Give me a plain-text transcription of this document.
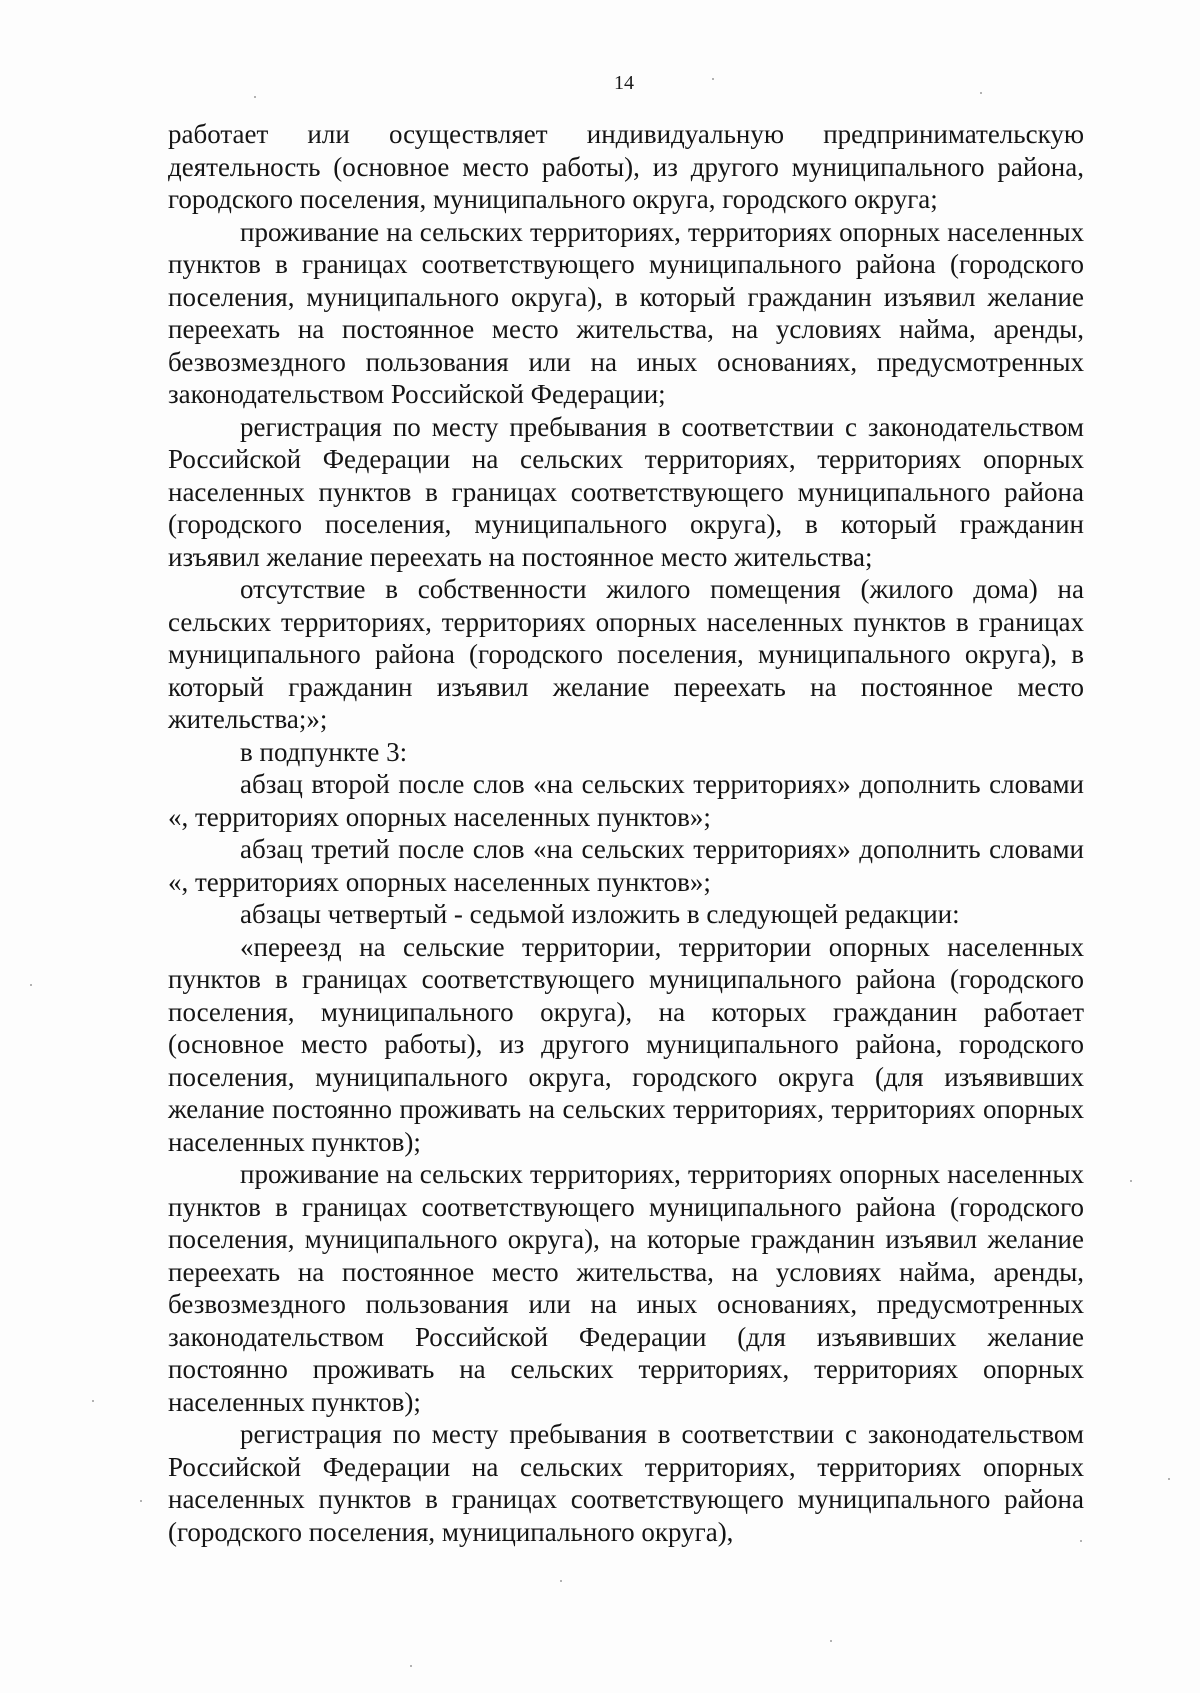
14

работает или осуществляет индивидуальную предпринимательскую деятельность (основное место работы), из другого муниципального района, городского поселения, муниципального округа, городского округа;

проживание на сельских территориях, территориях опорных населенных пунктов в границах соответствующего муниципального района (городского поселения, муниципального округа), в который гражданин изъявил желание переехать на постоянное место жительства, на условиях найма, аренды, безвозмездного пользования или на иных основаниях, предусмотренных законодательством Российской Федерации;

регистрация по месту пребывания в соответствии с законодательством Российской Федерации на сельских территориях, территориях опорных населенных пунктов в границах соответствующего муниципального района (городского поселения, муниципального округа), в который гражданин изъявил желание переехать на постоянное место жительства;

отсутствие в собственности жилого помещения (жилого дома) на сельских территориях, территориях опорных населенных пунктов в границах муниципального района (городского поселения, муниципального округа), в который гражданин изъявил желание переехать на постоянное место жительства;»;

в подпункте 3:

абзац второй после слов «на сельских территориях» дополнить словами «, территориях опорных населенных пунктов»;

абзац третий после слов «на сельских территориях» дополнить словами «, территориях опорных населенных пунктов»;

абзацы четвертый - седьмой изложить в следующей редакции:

«переезд на сельские территории, территории опорных населенных пунктов в границах соответствующего муниципального района (городского поселения, муниципального округа), на которых гражданин работает (основное место работы), из другого муниципального района, городского поселения, муниципального округа, городского округа (для изъявивших желание постоянно проживать на сельских территориях, территориях опорных населенных пунктов);

проживание на сельских территориях, территориях опорных населенных пунктов в границах соответствующего муниципального района (городского поселения, муниципального округа), на которые гражданин изъявил желание переехать на постоянное место жительства, на условиях найма, аренды, безвозмездного пользования или на иных основаниях, предусмотренных законодательством Российской Федерации (для изъявивших желание постоянно проживать на сельских территориях, территориях опорных населенных пунктов);

регистрация по месту пребывания в соответствии с законодательством Российской Федерации на сельских территориях, территориях опорных населенных пунктов в границах соответствующего муниципального района (городского поселения, муниципального округа),
